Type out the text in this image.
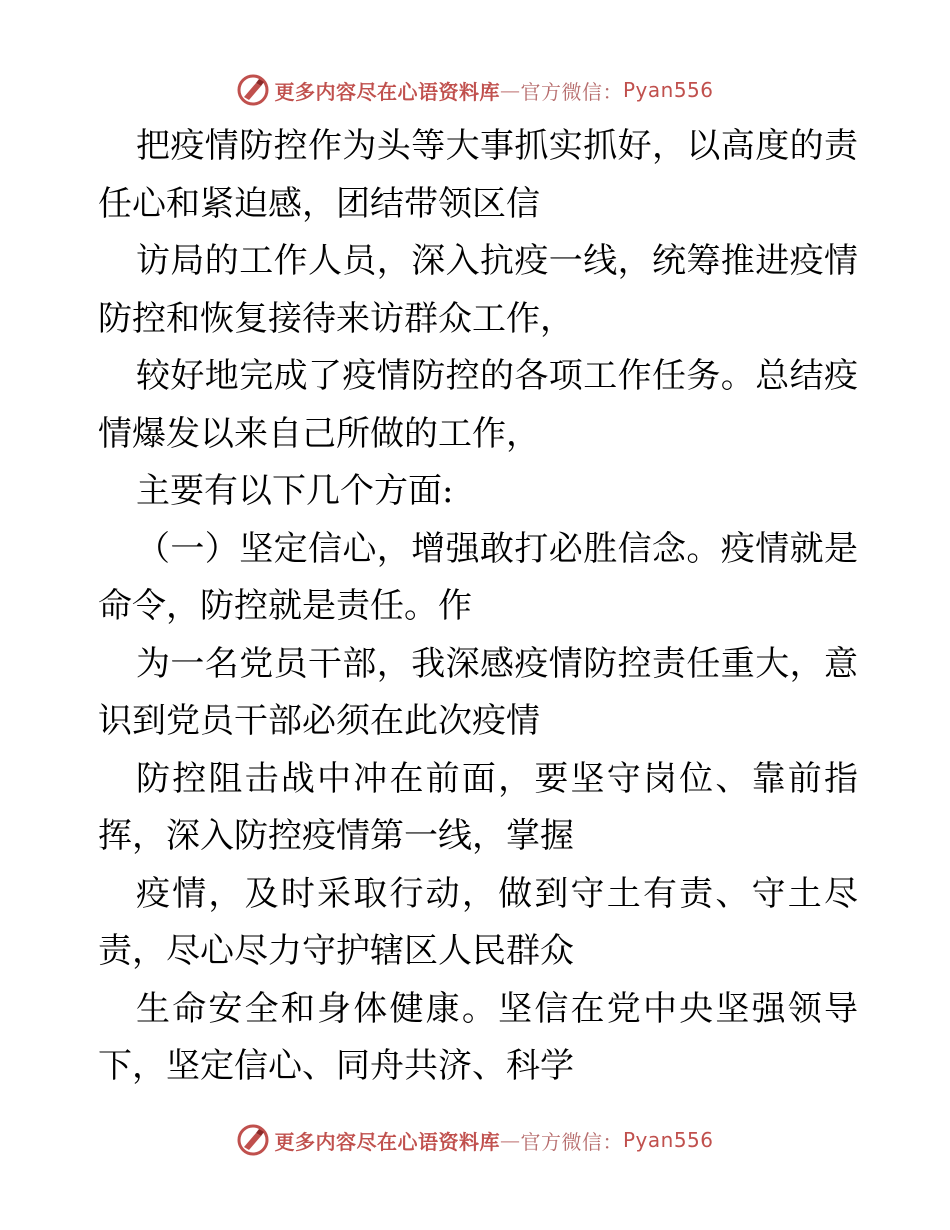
更多内容尽在心语资料库 — 官方微信： Pyan556

把疫情防控作为头等大事抓实抓好，以高度的责任心和紧迫感，团结带领区信

访局的工作人员，深入抗疫一线，统筹推进疫情防控和恢复接待来访群众工作，

较好地完成了疫情防控的各项工作任务。总结疫情爆发以来自己所做的工作，

主要有以下几个方面:

（一）坚定信心，增强敢打必胜信念。疫情就是命令，防控就是责任。作

为一名党员干部，我深感疫情防控责任重大，意识到党员干部必须在此次疫情

防控阻击战中冲在前面，要坚守岗位、靠前指挥，深入防控疫情第一线，掌握

疫情，及时采取行动，做到守土有责、守土尽责，尽心尽力守护辖区人民群众

生命安全和身体健康。坚信在党中央坚强领导下，坚定信心、同舟共济、科学

更多内容尽在心语资料库 — 官方微信： Pyan556
